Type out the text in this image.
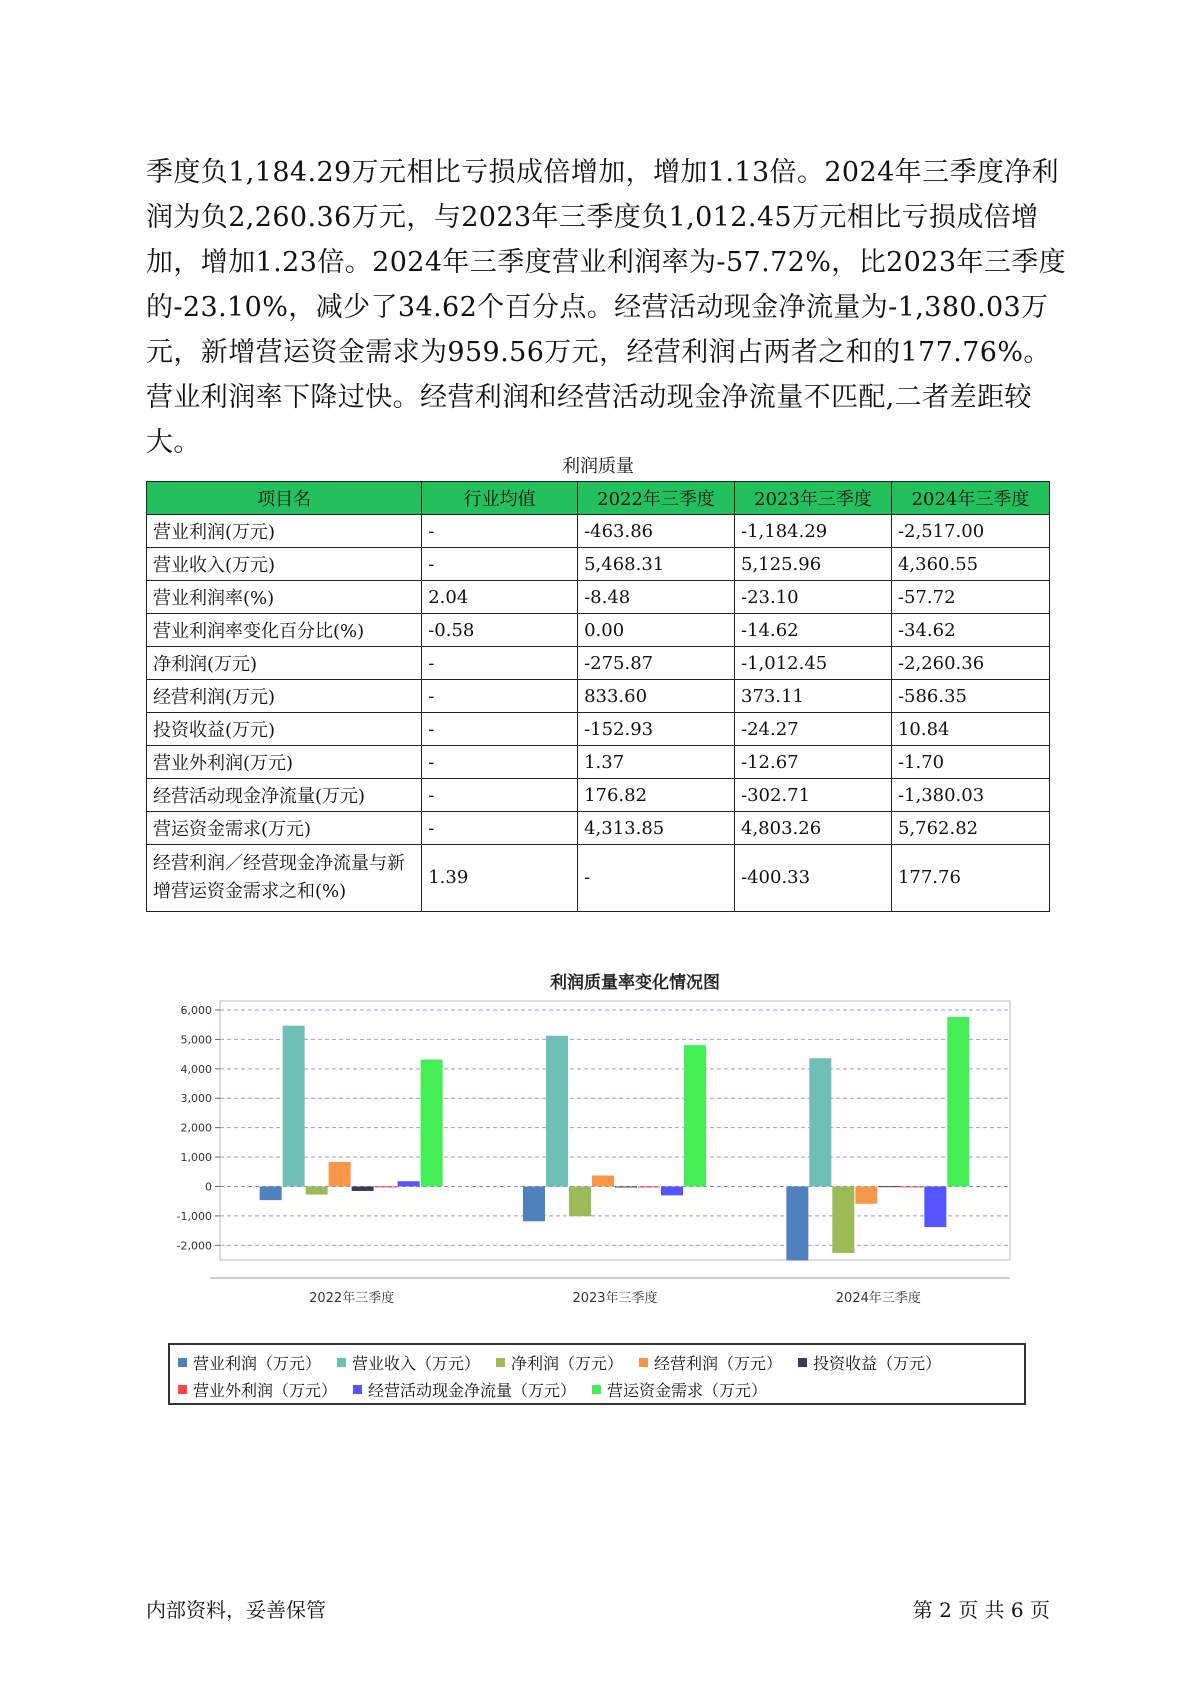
季度负1,184.29万元相比亏损成倍增加，增加1.13倍。2024年三季度净利润为负2,260.36万元，与2023年三季度负1,012.45万元相比亏损成倍增加，增加1.23倍。2024年三季度营业利润率为-57.72%，比2023年三季度的-23.10%，减少了34.62个百分点。经营活动现金净流量为-1,380.03万元，新增营运资金需求为959.56万元，经营利润占两者之和的177.76%。营业利润率下降过快。经营利润和经营活动现金净流量不匹配,二者差距较大。

利润质量
项目名	行业均值	2022年三季度	2023年三季度	2024年三季度
营业利润(万元)	-	-463.86	-1,184.29	-2,517.00
营业收入(万元)	-	5,468.31	5,125.96	4,360.55
营业利润率(%)	2.04	-8.48	-23.10	-57.72
营业利润率变化百分比(%)	-0.58	0.00	-14.62	-34.62
净利润(万元)	-	-275.87	-1,012.45	-2,260.36
经营利润(万元)	-	833.60	373.11	-586.35
投资收益(万元)	-	-152.93	-24.27	10.84
营业外利润(万元)	-	1.37	-12.67	-1.70
经营活动现金净流量(万元)	-	176.82	-302.71	-1,380.03
营运资金需求(万元)	-	4,313.85	4,803.26	5,762.82
经营利润／经营现金净流量与新增营运资金需求之和(%)	1.39	-	-400.33	177.76
利润质量率变化情况图
6,000
5,000
4,000
3,000
2,000
1,000
0
-1,000
-2,000
2022年三季度	2023年三季度	2024年三季度
营业利润（万元） 营业收入（万元） 净利润（万元） 经营利润（万元） 投资收益（万元）
营业外利润（万元） 经营活动现金净流量（万元） 营运资金需求（万元）
内部资料，妥善保管	第 2 页 共 6 页
